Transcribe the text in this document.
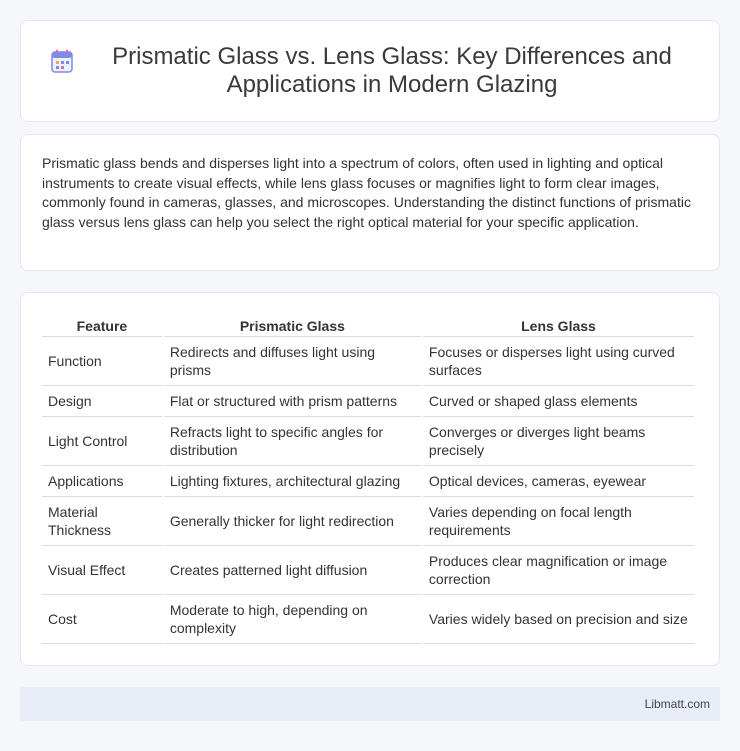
Prismatic Glass vs. Lens Glass: Key Differences and Applications in Modern Glazing

Prismatic glass bends and disperses light into a spectrum of colors, often used in lighting and optical instruments to create visual effects, while lens glass focuses or magnifies light to form clear images, commonly found in cameras, glasses, and microscopes. Understanding the distinct functions of prismatic glass versus lens glass can help you select the right optical material for your specific application.

Feature	Prismatic Glass	Lens Glass
Function	Redirects and diffuses light using prisms	Focuses or disperses light using curved surfaces
Design	Flat or structured with prism patterns	Curved or shaped glass elements
Light Control	Refracts light to specific angles for distribution	Converges or diverges light beams precisely
Applications	Lighting fixtures, architectural glazing	Optical devices, cameras, eyewear
Material Thickness	Generally thicker for light redirection	Varies depending on focal length requirements
Visual Effect	Creates patterned light diffusion	Produces clear magnification or image correction
Cost	Moderate to high, depending on complexity	Varies widely based on precision and size
Libmatt.com
